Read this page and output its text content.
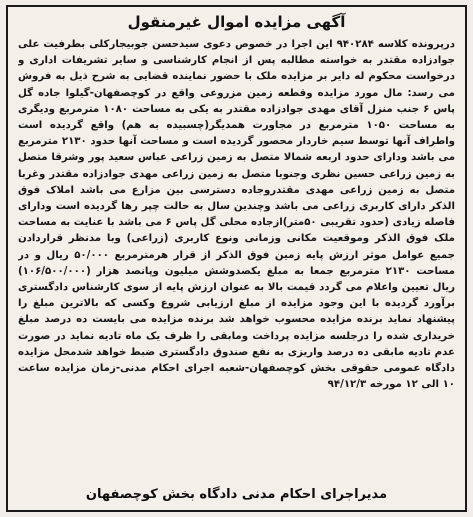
آگهی مزایده اموال غیرمنقول

درپرونده کلاسه ۹۴۰۲۸۴ این اجرا در خصوص دعوی سیدحسن جوبیجارکلی بطرفیت علی جوادزاده مقتدر به خواسته مطالبه پس از انجام کارشناسی و سایر تشریفات اداری و درخواست محکوم له دایر بر مزایده ملک با حضور نماینده قضایی به شرح ذیل به فروش می رسد: مال مورد مزایده وقطعه زمین مزروعی واقع در کوچصفهان-گیلوا جاده گل پاس ۶ جنب منزل آقای مهدی جوادزاده مقتدر به یکی به مساحت ۱۰۸۰ مترمربع ودیگری به مساحت ۱۰۵۰ مترمربع در مجاورت همدیگر(چسبیده به هم) واقع گردیده است واطراف آنها توسط سیم خاردار محصور گردیده است و مساحت آنها حدود ۲۱۳۰ مترمربع می باشد ودارای حدود اربعه شمالا متصل به زمین زراعی عباس سعید پور وشرقا متصل به زمین زراعی حسین نظری وجنوبا متصل به زمین زراعی مهدی جوادزاده مقتدر وغربا متصل به زمین زراعی مهدی مقتدروجاده دسترسی بین مزارع می باشد املاک فوق الذکر دارای کاربری زراعی می باشد وچندین سال به حالت چپر رها گردیده است ودارای فاصله زیادی (حدود تقریبی ۵۰متر)ازجاده محلی گل پاس ۶ می باشد با عنایت به مساحت ملک فوق الذکر وموقعیت مکانی وزمانی ونوع کاربری (زراعی) وبا مدنظر قراردادن جمیع عوامل موثر ارزش پایه زمین فوق الذکر از قرار هرمترمربع ۵۰/۰۰۰ ریال و در مساحت ۲۱۳۰ مترمربع جمعا به مبلغ یکصدوشش میلیون وپانصد هزار (۱۰۶/۵۰۰/۰۰۰) ریال تعیین واعلام می گردد قیمت بالا به عنوان ارزش پایه از سوی کارشناس دادگستری برآورد گردیده با این وجود مزایده از مبلغ ارزیابی شروع وکسی که بالاترین مبلغ را پیشنهاد نماید برنده مزایده محسوب خواهد شد برنده مزایده می بایست ده درصد مبلغ خریداری شده را درجلسه مزایده پرداخت ومابقی را ظرف یک ماه تادیه نماید در صورت عدم تادیه مابقی ده درصد واریزی به نفع صندوق دادگستری ضبط خواهد شدمحل مزایده دادگاه عمومی حقوقی بخش کوچصفهان-شعبه اجرای احکام مدنی-زمان مزایده ساعت ۱۰ الی ۱۲ مورخه ۹۴/۱۲/۳

مدیراجرای احکام مدنی دادگاه بخش کوچصفهان
